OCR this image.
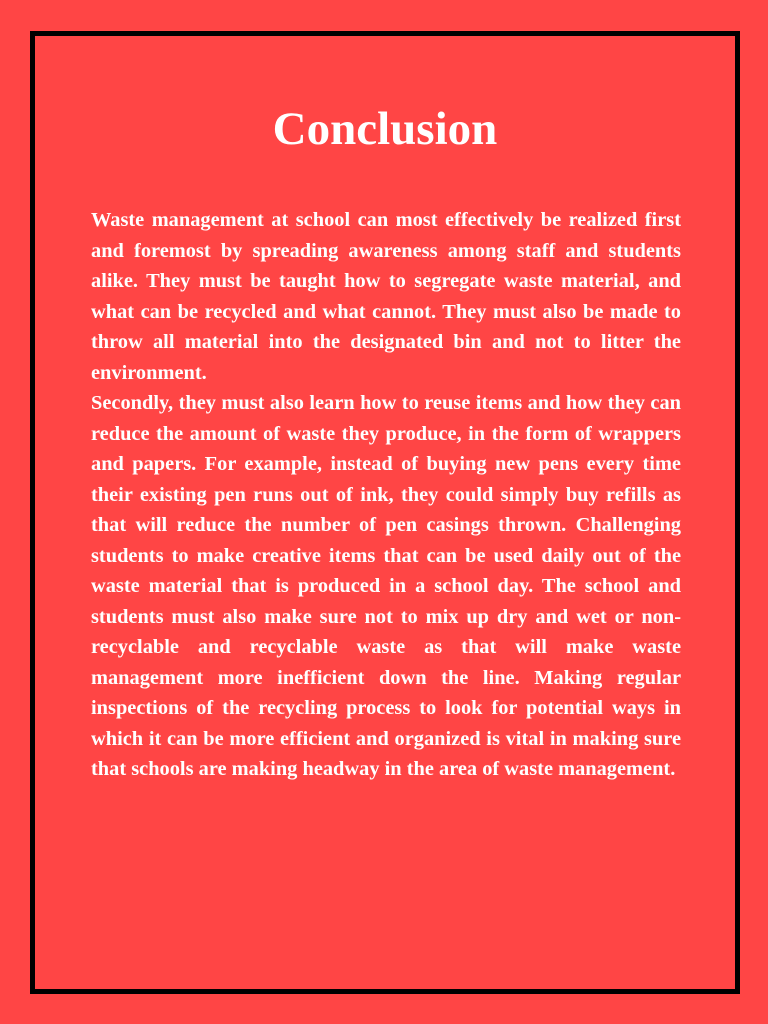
Conclusion

Waste management at school can most effectively be realized first and foremost by spreading awareness among staff and students alike. They must be taught how to segregate waste material, and what can be recycled and what cannot. They must also be made to throw all material into the designated bin and not to litter the environment.

Secondly, they must also learn how to reuse items and how they can reduce the amount of waste they produce, in the form of wrappers and papers. For example, instead of buying new pens every time their existing pen runs out of ink, they could simply buy refills as that will reduce the number of pen casings thrown. Challenging students to make creative items that can be used daily out of the waste material that is produced in a school day. The school and students must also make sure not to mix up dry and wet or non-recyclable and recyclable waste as that will make waste management more inefficient down the line. Making regular inspections of the recycling process to look for potential ways in which it can be more efficient and organized is vital in making sure that schools are making headway in the area of waste management.
